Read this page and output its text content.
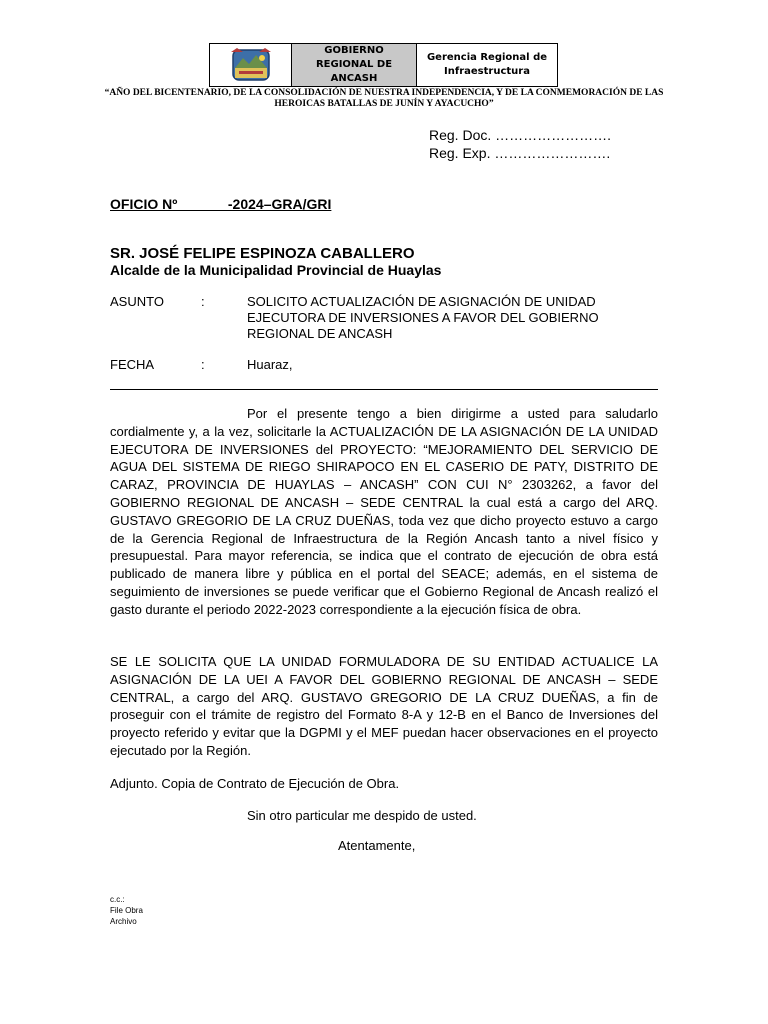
GOBIERNO REGIONAL DE ANCASH
Gerencia Regional de Infraestructura
“AÑO DEL BICENTENARIO, DE LA CONSOLIDACIÓN DE NUESTRA INDEPENDENCIA, Y DE LA CONMEMORACIÓN DE LAS HEROICAS BATALLAS DE JUNÍN Y AYACUCHO”
Reg. Doc. …………………….
Reg. Exp. …………………….
OFICIO Nº             -2024–GRA/GRI
SR. JOSÉ FELIPE ESPINOZA CABALLERO
Alcalde de la Municipalidad Provincial de Huaylas
ASUNTO	:	SOLICITO ACTUALIZACIÓN DE ASIGNACIÓN DE UNIDAD EJECUTORA DE INVERSIONES A FAVOR DEL GOBIERNO REGIONAL DE ANCASH
FECHA	:	Huaraz,

Por el presente tengo a bien dirigirme a usted para saludarlo cordialmente y, a la vez, solicitarle la ACTUALIZACIÓN DE LA ASIGNACIÓN DE LA UNIDAD EJECUTORA DE INVERSIONES del PROYECTO: “MEJORAMIENTO DEL SERVICIO DE AGUA DEL SISTEMA DE RIEGO SHIRAPOCO EN EL CASERIO DE PATY, DISTRITO DE CARAZ, PROVINCIA DE HUAYLAS – ANCASH” CON CUI N° 2303262, a favor del GOBIERNO REGIONAL DE ANCASH – SEDE CENTRAL la cual está a cargo del ARQ. GUSTAVO GREGORIO DE LA CRUZ DUEÑAS, toda vez que dicho proyecto estuvo a cargo de la Gerencia Regional de Infraestructura de la Región Ancash tanto a nivel físico y presupuestal. Para mayor referencia, se indica que el contrato de ejecución de obra está publicado de manera libre y pública en el portal del SEACE; además, en el sistema de seguimiento de inversiones se puede verificar que el Gobierno Regional de Ancash realizó el gasto durante el periodo 2022-2023 correspondiente a la ejecución física de obra.

SE LE SOLICITA QUE LA UNIDAD FORMULADORA DE SU ENTIDAD ACTUALICE LA ASIGNACIÓN DE LA UEI A FAVOR DEL GOBIERNO REGIONAL DE ANCASH – SEDE CENTRAL, a cargo del ARQ. GUSTAVO GREGORIO DE LA CRUZ DUEÑAS, a fin de proseguir con el trámite de registro del Formato 8-A y 12-B en el Banco de Inversiones del proyecto referido y evitar que la DGPMI y el MEF puedan hacer observaciones en el proyecto ejecutado por la Región.

Adjunto. Copia de Contrato de Ejecución de Obra.

Sin otro particular me despido de usted.
Atentamente,
c.c.:
File Obra
Archivo
